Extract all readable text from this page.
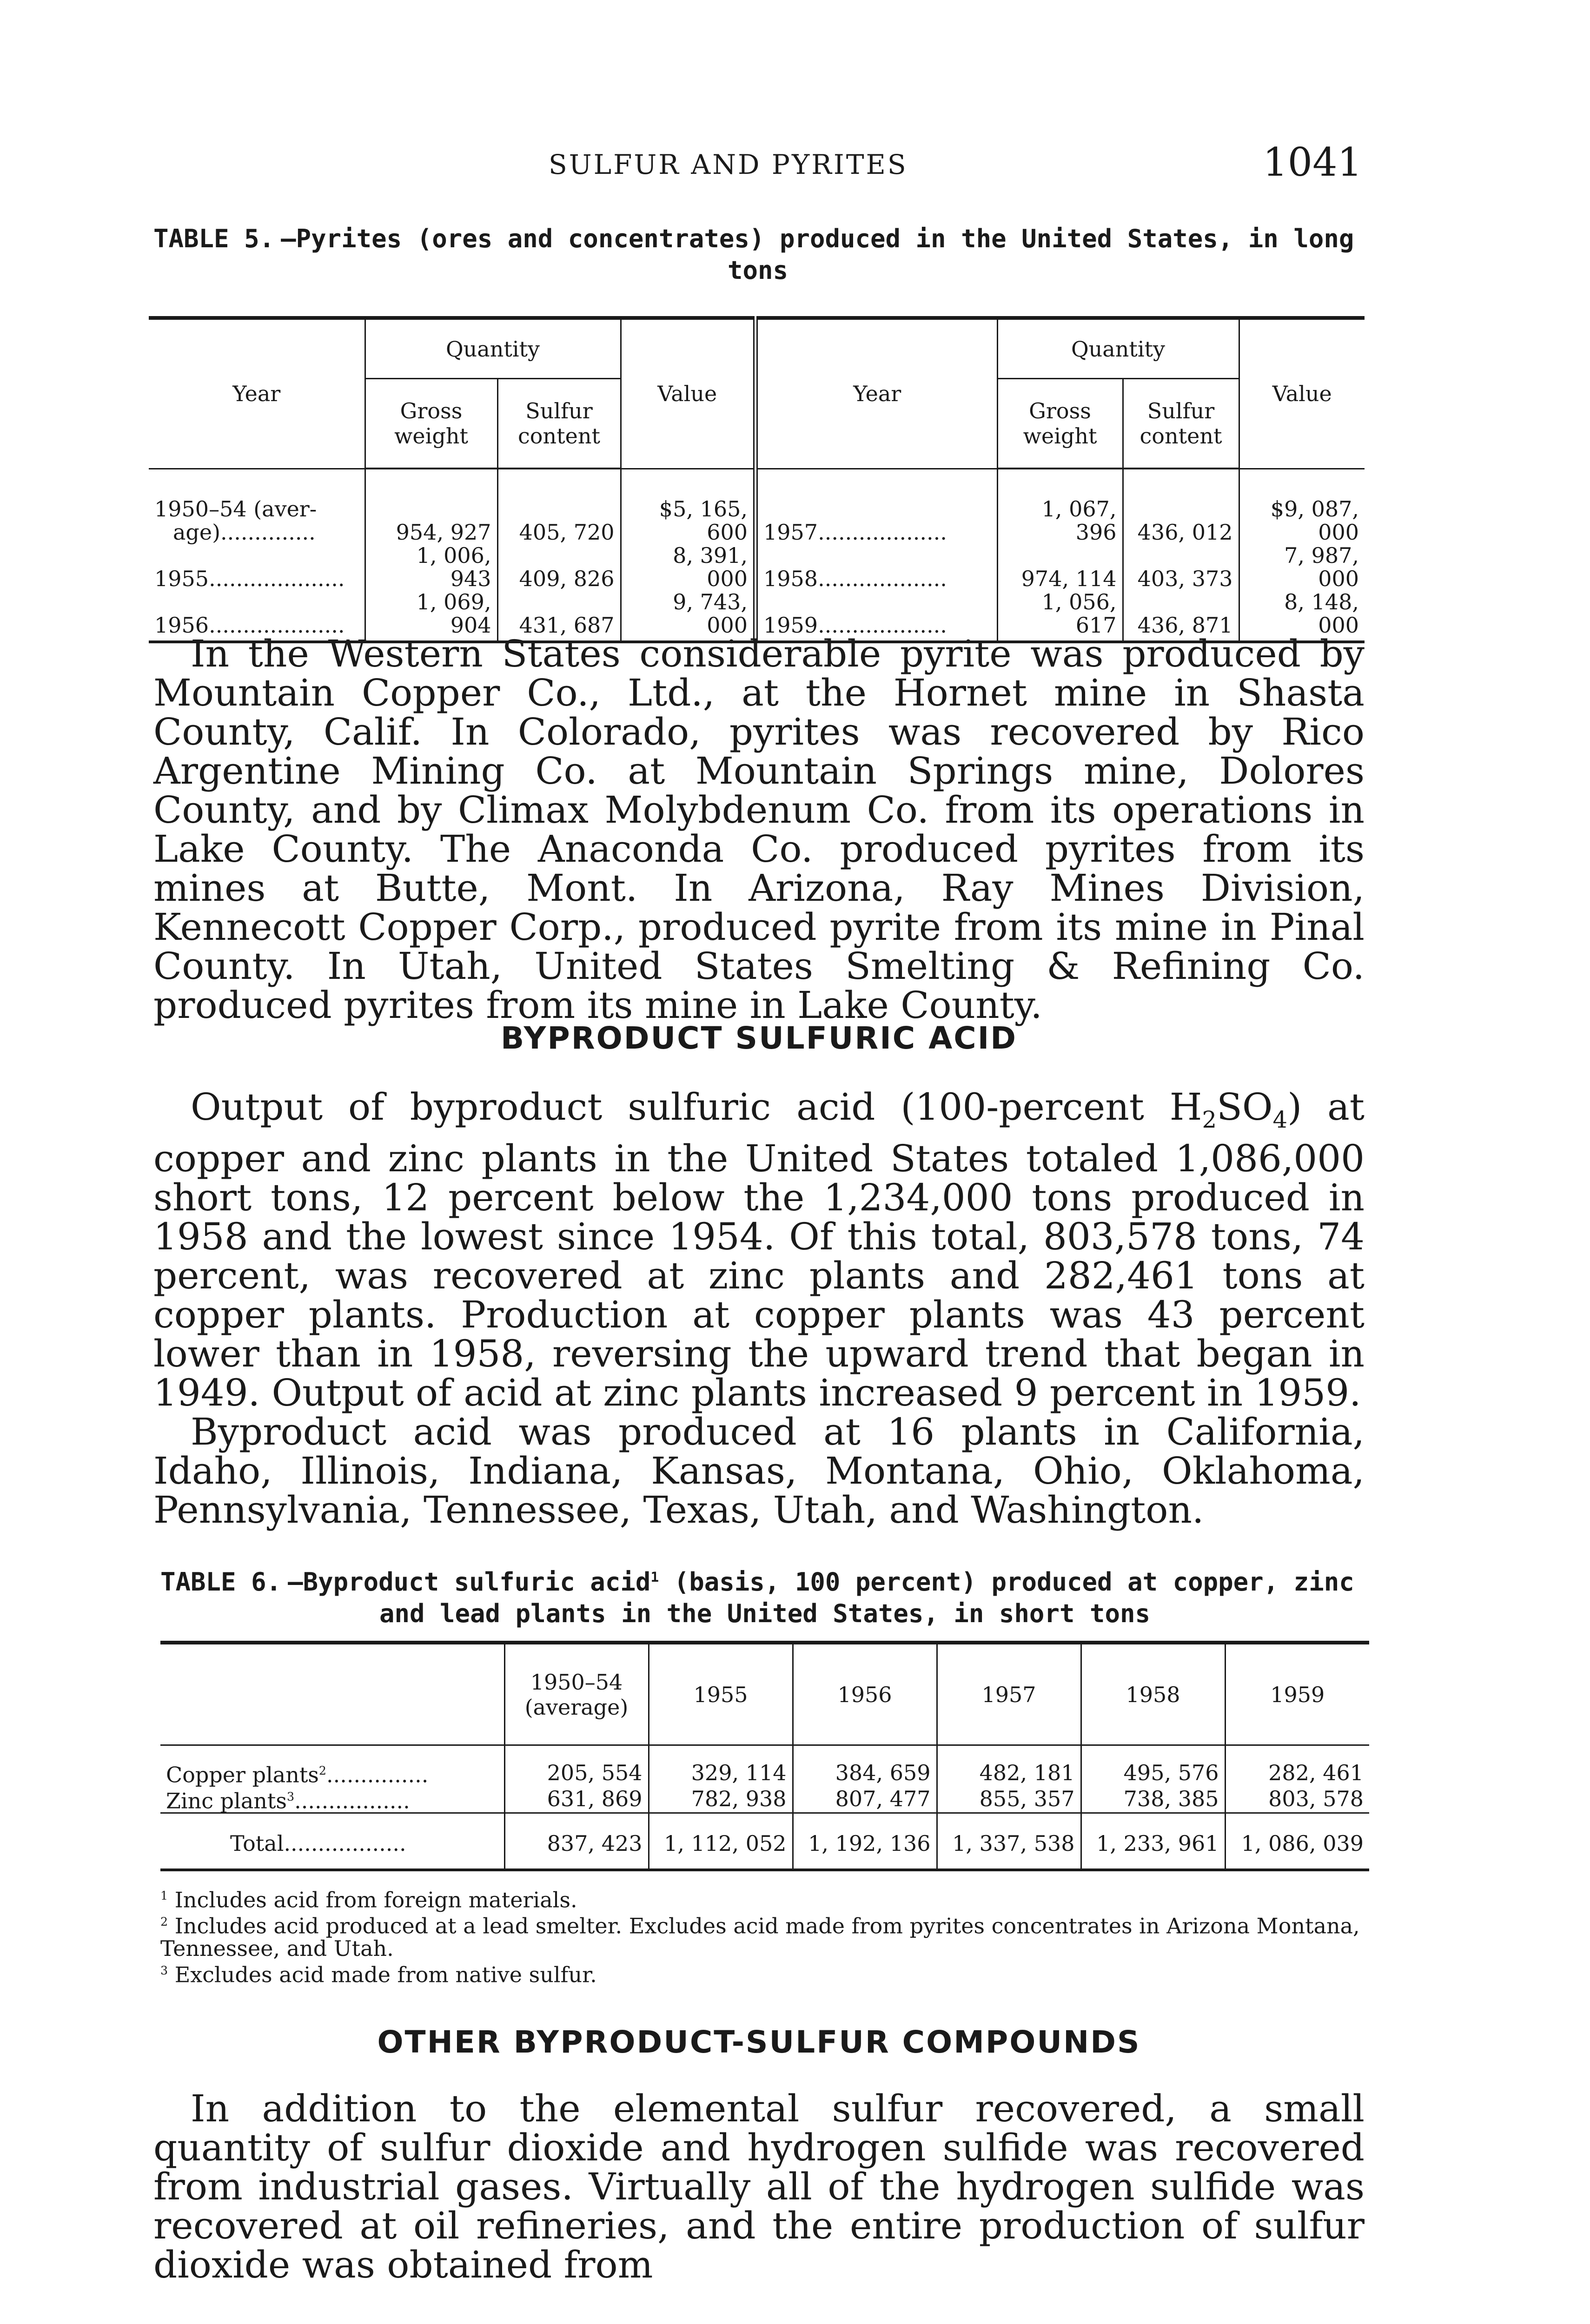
SULFUR AND PYRITES	1041
TABLE 5. —Pyrites (ores and concentrates) produced in the United States, in long
tons
Year	Quantity		Value	Year	Quantity		Value
	Gross weight	Sulfur content			Gross weight	Sulfur content	
1950–54 (aver-
age)..............	954, 927	405, 720	$5, 165, 600	1957...................	1, 067, 396	436, 012	$9, 087, 000
1955....................	1, 006, 943	409, 826	8, 391, 000	1958...................	974, 114	403, 373	7, 987, 000
1956....................	1, 069, 904	431, 687	9, 743, 000	1959...................	1, 056, 617	436, 871	8, 148, 000

In the Western States considerable pyrite was produced by Mountain Copper Co., Ltd., at the Hornet mine in Shasta County, Calif. In Colorado, pyrites was recovered by Rico Argentine Mining Co. at Mountain Springs mine, Dolores County, and by Climax Molybdenum Co. from its operations in Lake County. The Anaconda Co. produced pyrites from its mines at Butte, Mont. In Arizona, Ray Mines Division, Kennecott Copper Corp., produced pyrite from its mine in Pinal County. In Utah, United States Smelting & Refining Co. produced pyrites from its mine in Lake County.

BYPRODUCT SULFURIC ACID

Output of byproduct sulfuric acid (100-percent $H_2SO_4$) at copper and zinc plants in the United States totaled 1,086,000 short tons, 12 percent below the 1,234,000 tons produced in 1958 and the lowest since 1954. Of this total, 803,578 tons, 74 percent, was recovered at zinc plants and 282,461 tons at copper plants. Production at copper plants was 43 percent lower than in 1958, reversing the upward trend that began in 1949. Output of acid at zinc plants increased 9 percent in 1959.

Byproduct acid was produced at 16 plants in California, Idaho, Illinois, Indiana, Kansas, Montana, Ohio, Oklahoma, Pennsylvania, Tennessee, Texas, Utah, and Washington.

TABLE 6. —Byproduct sulfuric acid$^1$ (basis, 100 percent) produced at copper, zinc
and lead plants in the United States, in short tons
	1950–54 (average)	1955	1956	1957	1958	1959
Copper plants$^2$...............	205, 554	329, 114	384, 659	482, 181	495, 576	282, 461
Zinc plants$^3$.................	631, 869	782, 938	807, 477	855, 357	738, 385	803, 578
Total..................	837, 423	1, 112, 052	1, 192, 136	1, 337, 538	1, 233, 961	1, 086, 039

$^1$ Includes acid from foreign materials.

$^2$ Includes acid produced at a lead smelter. Excludes acid made from pyrites concentrates in Arizona Montana, Tennessee, and Utah.

$^3$ Excludes acid made from native sulfur.

OTHER BYPRODUCT-SULFUR COMPOUNDS

In addition to the elemental sulfur recovered, a small quantity of sulfur dioxide and hydrogen sulfide was recovered from industrial gases. Virtually all of the hydrogen sulfide was recovered at oil refineries, and the entire production of sulfur dioxide was obtained from
